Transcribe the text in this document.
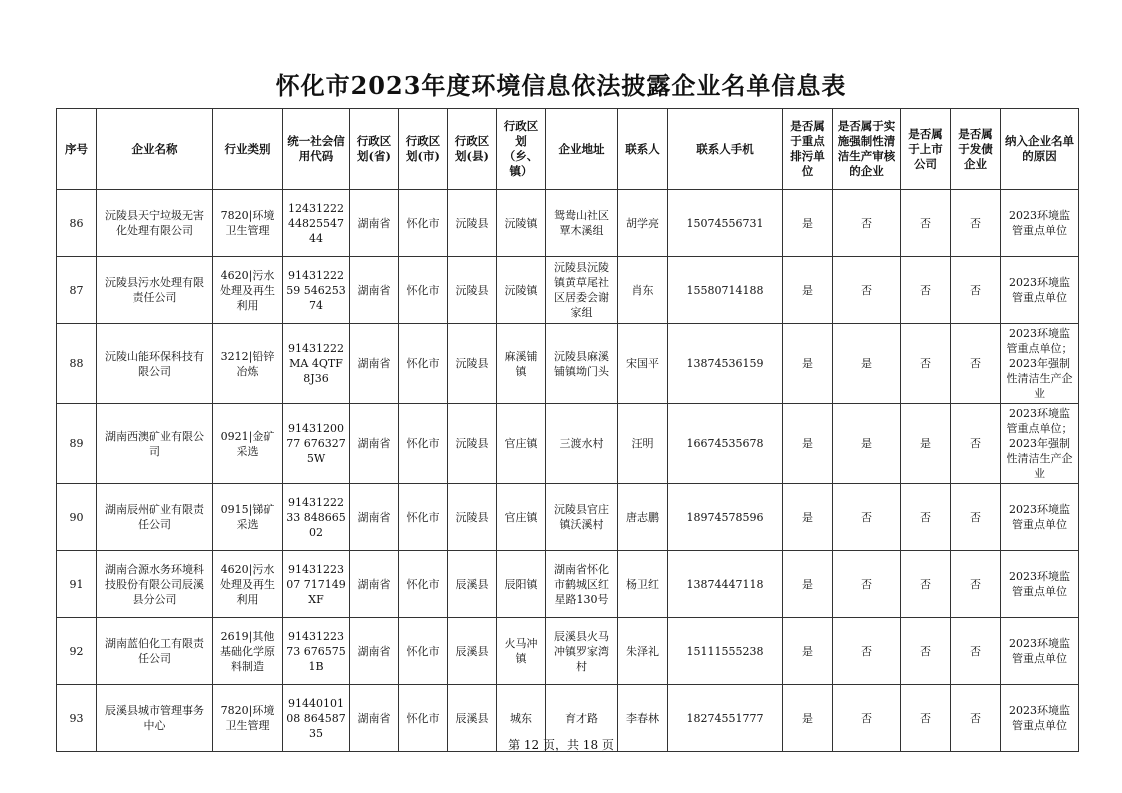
怀化市2023年度环境信息依法披露企业名单信息表
序号	企业名称	行业类别	统一社会信用代码	行政区划(省)	行政区划(市)	行政区划(县)	行政区划（乡、镇）	企业地址	联系人	联系人手机	是否属于重点排污单位	是否属于实施强制性清洁生产审核的企业	是否属于上市公司	是否属于发债企业	纳入企业名单的原因
86	沅陵县天宁垃圾无害化处理有限公司	7820|环境卫生管理	124312224482554744	湖南省	怀化市	沅陵县	沅陵镇	鸳鸯山社区覃木溪组	胡学亮	15074556731	是	否	否	否	2023环境监管重点单位
87	沅陵县污水处理有限责任公司	4620|污水处理及再生利用	9143122259 54625374	湖南省	怀化市	沅陵县	沅陵镇	沅陵县沅陵镇黄草尾社区居委会谢家组	肖东	15580714188	是	否	否	否	2023环境监管重点单位
88	沅陵山能环保科技有限公司	3212|铅锌冶炼	91431222MA 4QTF8J36	湖南省	怀化市	沅陵县	麻溪铺镇	沅陵县麻溪铺镇坳门头	宋国平	13874536159	是	是	否	否	2023环境监管重点单位；2023年强制性清洁生产企业
89	湖南西澳矿业有限公司	0921|金矿采选	9143120077 6763275W	湖南省	怀化市	沅陵县	官庄镇	三渡水村	汪明	16674535678	是	是	是	否	2023环境监管重点单位；2023年强制性清洁生产企业
90	湖南辰州矿业有限责任公司	0915|锑矿采选	9143122233 84866502	湖南省	怀化市	沅陵县	官庄镇	沅陵县官庄镇沃溪村	唐志鹏	18974578596	是	否	否	否	2023环境监管重点单位
91	湖南合源水务环境科技股份有限公司辰溪县分公司	4620|污水处理及再生利用	9143122307 717149XF	湖南省	怀化市	辰溪县	辰阳镇	湖南省怀化市鹤城区红星路130号	杨卫红	13874447118	是	否	否	否	2023环境监管重点单位
92	湖南蓝伯化工有限责任公司	2619|其他基础化学原料制造	9143122373 6765751B	湖南省	怀化市	辰溪县	火马冲镇	辰溪县火马冲镇罗家湾村	朱泽礼	15111555238	是	否	否	否	2023环境监管重点单位
93	辰溪县城市管理事务中心	7820|环境卫生管理	9144010108 86458735	湖南省	怀化市	辰溪县	城东	育才路	李春林	18274551777	是	否	否	否	2023环境监管重点单位
第 12 页，共 18 页
